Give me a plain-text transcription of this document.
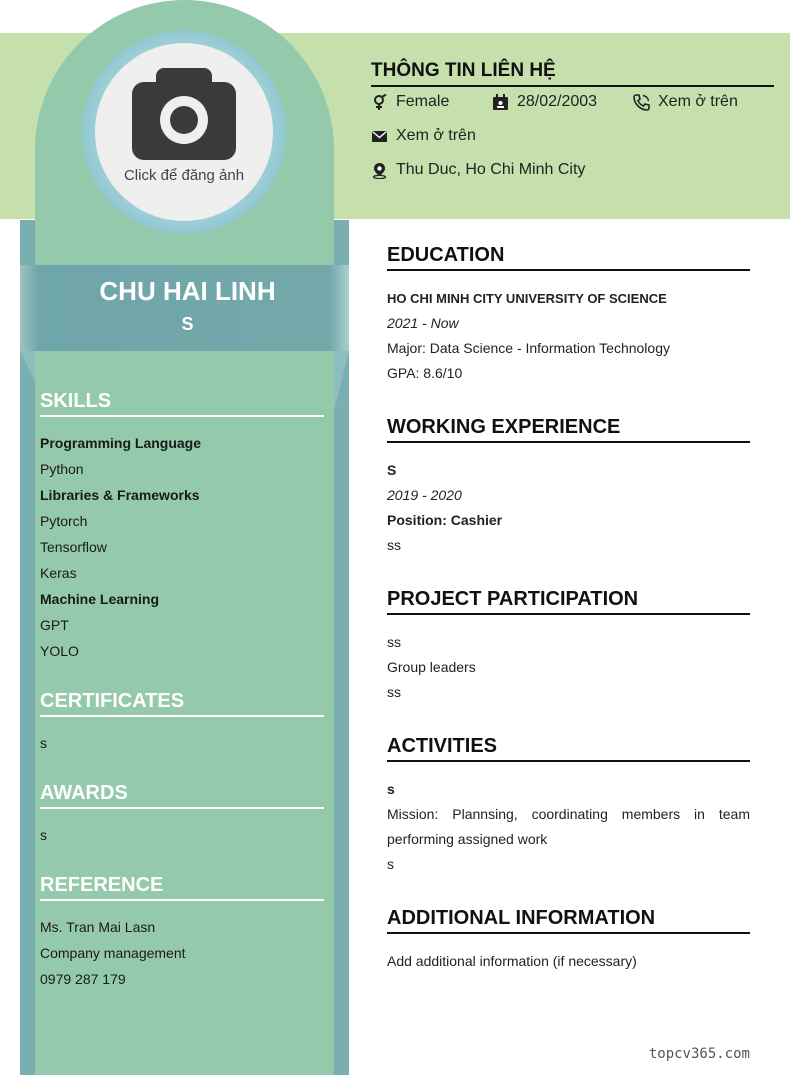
Click để đăng ảnh
CHU HAI LINH
S
THÔNG TIN LIÊN HỆ
Female	28/02/2003	Xem ở trên
Xem ở trên
Thu Duc, Ho Chi Minh City
SKILLS
Programming Language
Python
Libraries & Frameworks
Pytorch
Tensorflow
Keras
Machine Learning
GPT
YOLO
CERTIFICATES
s
AWARDS
s
REFERENCE
Ms. Tran Mai Lasn
Company management
0979 287 179
EDUCATION
HO CHI MINH CITY UNIVERSITY OF SCIENCE
2021 - Now
Major: Data Science - Information Technology
GPA: 8.6/10
WORKING EXPERIENCE
S
2019 - 2020
Position: Cashier
ss
PROJECT PARTICIPATION
ss
Group leaders
ss
ACTIVITIES
s
Mission: Plannsing, coordinating members in team performing assigned work
s
ADDITIONAL INFORMATION
Add additional information (if necessary)
topcv365.com
